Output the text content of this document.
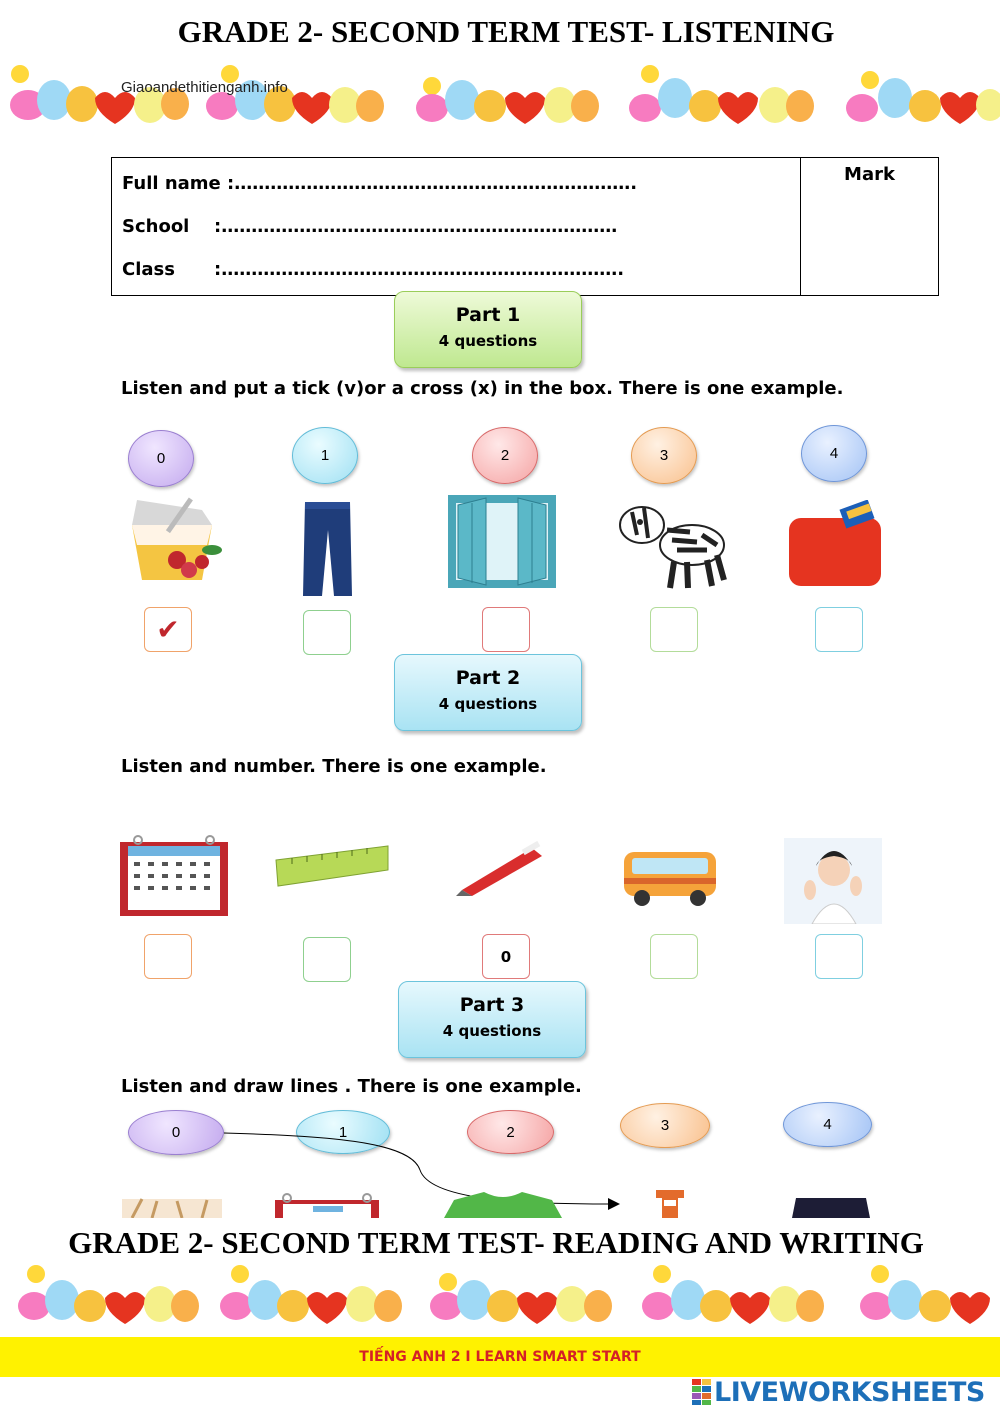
GRADE 2- SECOND TERM TEST- LISTENING
Giaoandethitienganh.info
Full name : ………………………………………………………….
School	:…………………………………………………………
Class	:………………………………………………………….
	Mark
Part 1
4 questions
Listen and put a tick (v)or a cross (x) in the box. There is one example.
0	1	2	3	4
✔
Part 2
4 questions
Listen and number. There is one example.
0
Part 3
4 questions
Listen and draw lines . There is one example.
0	1	2	3	4
GRADE 2- SECOND TERM TEST- READING AND WRITING
TIẾNG ANH 2 I LEARN SMART START
LIVEWORKSHEETS
